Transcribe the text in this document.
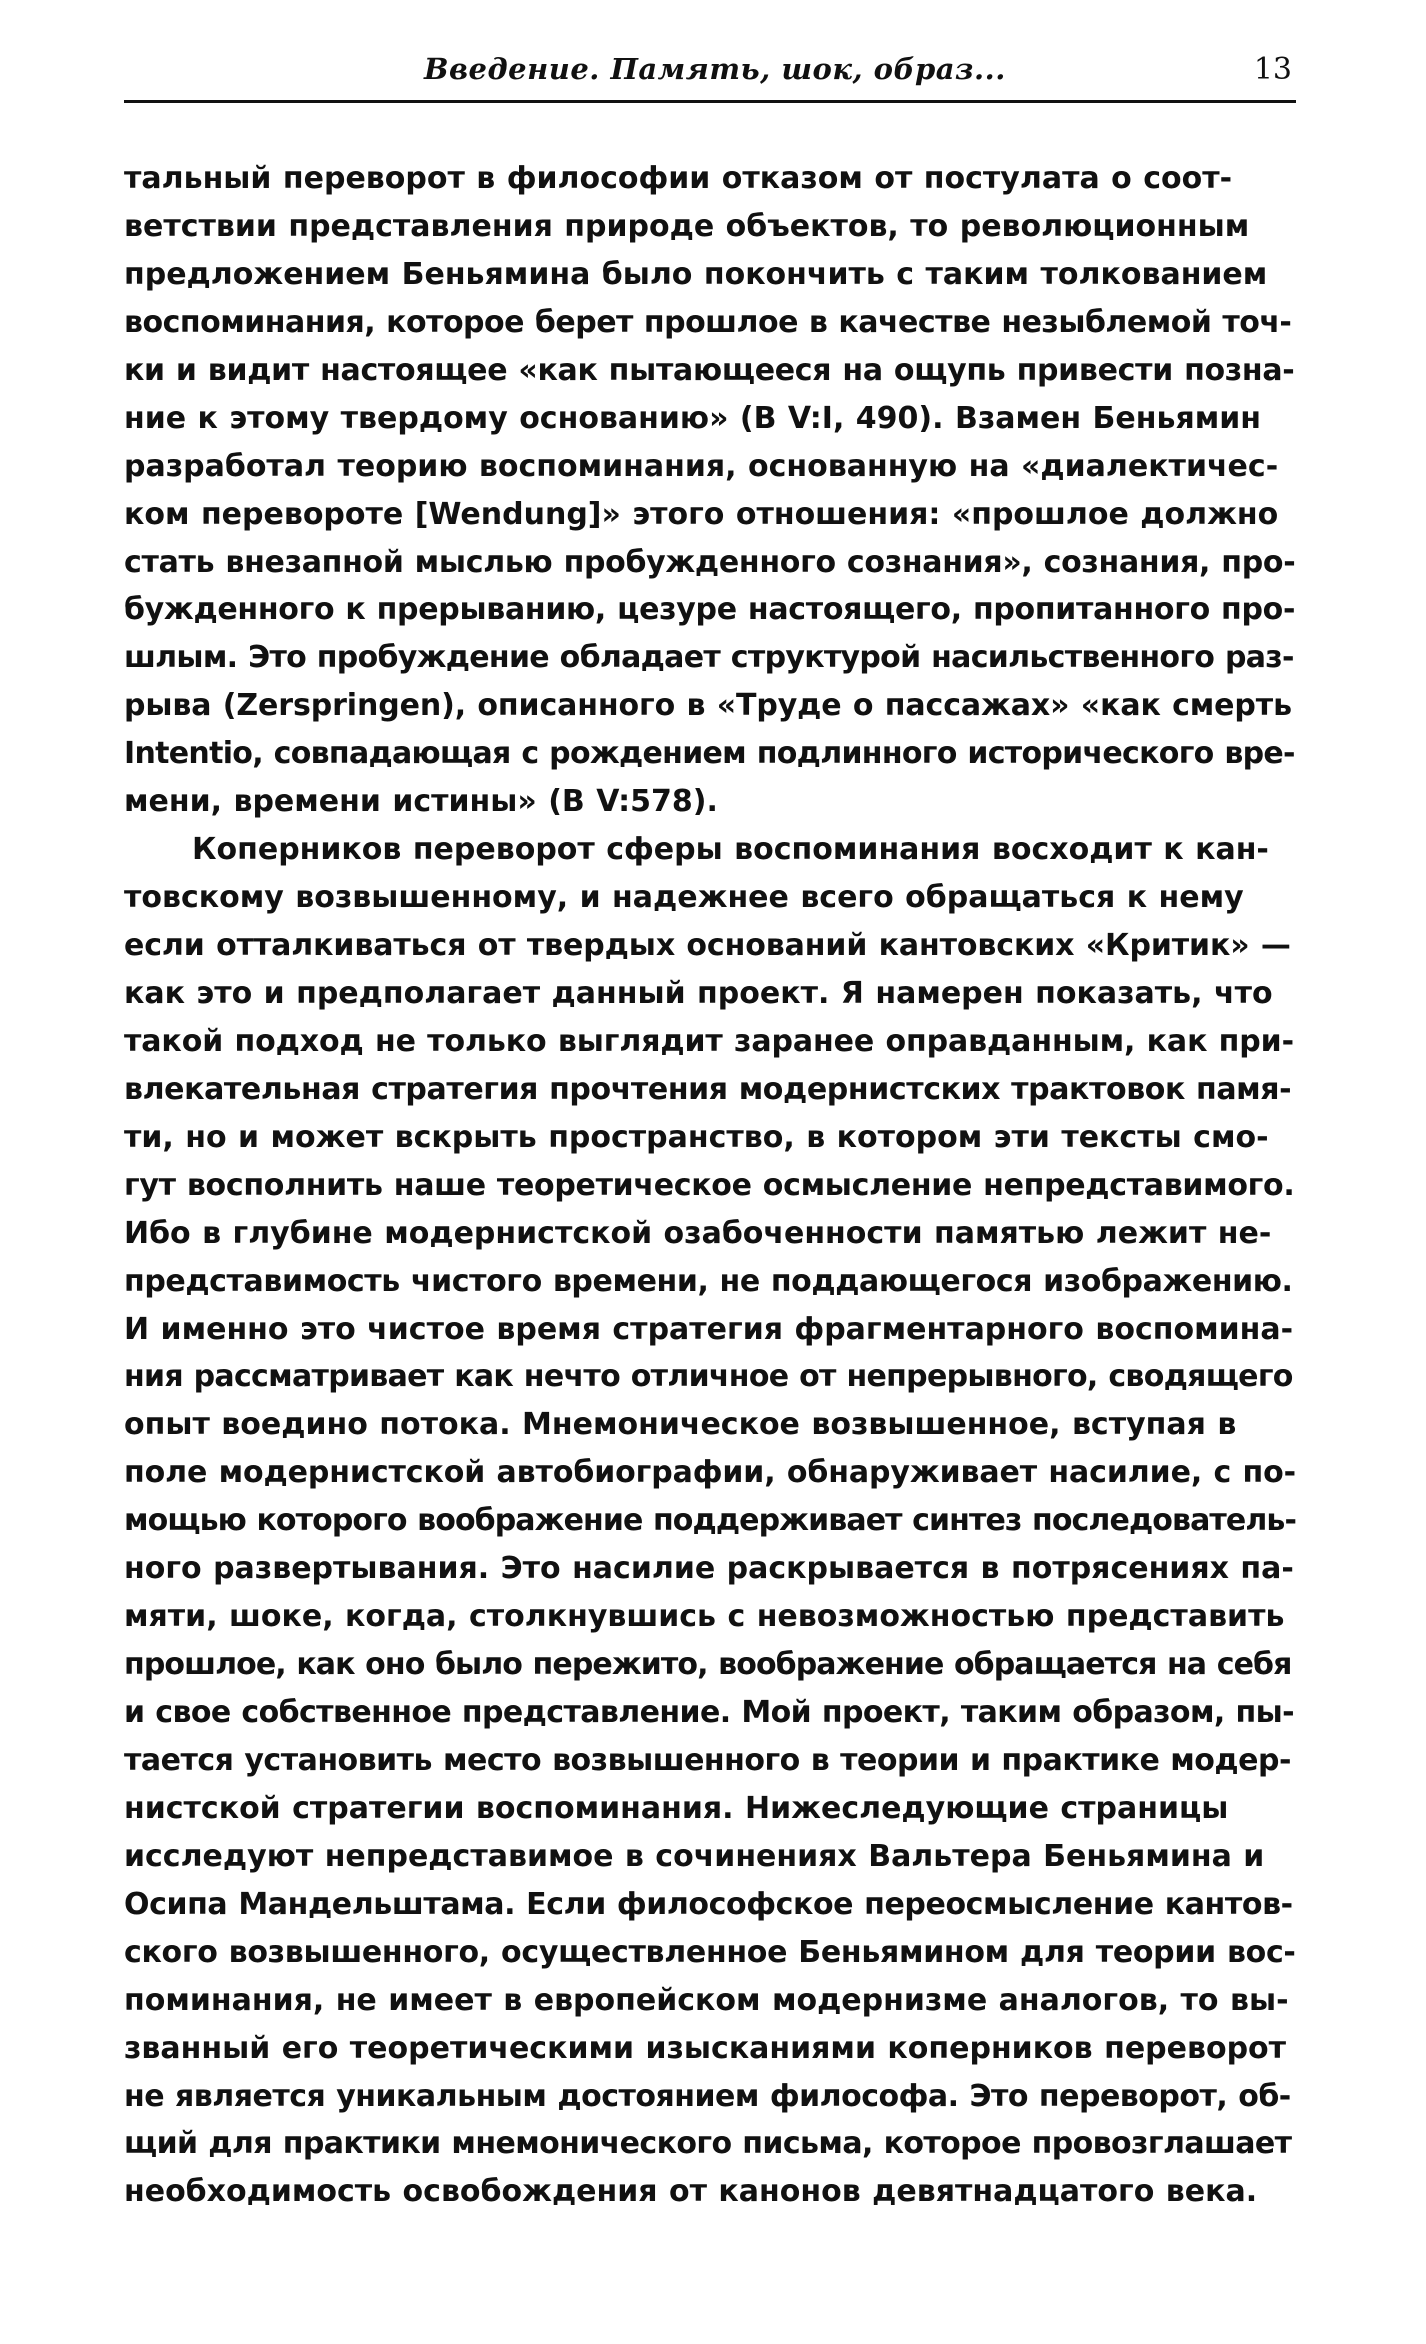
Введение. Память, шок, образ...	13
тальный переворот в философии отказом от постулата о соот-
ветствии представления природе объектов, то революционным
предложением Беньямина было покончить с таким толкованием
воспоминания, которое берет прошлое в качестве незыблемой точ-
ки и видит настоящее «как пытающееся на ощупь привести позна-
ние к этому твердому основанию» (B V:I, 490). Взамен Беньямин
разработал теорию воспоминания, основанную на «диалектичес-
ком перевороте [Wendung]» этого отношения: «прошлое должно
стать внезапной мыслью пробужденного сознания», сознания, про-
бужденного к прерыванию, цезуре настоящего, пропитанного про-
шлым. Это пробуждение обладает структурой насильственного раз-
рыва (Zerspringen), описанного в «Труде о пассажах» «как смерть
Intentio, совпадающая с рождением подлинного исторического вре-
мени, времени истины» (B V:578).
Коперников переворот сферы воспоминания восходит к кан-
товскому возвышенному, и надежнее всего обращаться к нему
если отталкиваться от твердых оснований кантовских «Критик» —
как это и предполагает данный проект. Я намерен показать, что
такой подход не только выглядит заранее оправданным, как при-
влекательная стратегия прочтения модернистских трактовок памя-
ти, но и может вскрыть пространство, в котором эти тексты смо-
гут восполнить наше теоретическое осмысление непредставимого.
Ибо в глубине модернистской озабоченности памятью лежит не-
представимость чистого времени, не поддающегося изображению.
И именно это чистое время стратегия фрагментарного воспомина-
ния рассматривает как нечто отличное от непрерывного, сводящего
опыт воедино потока. Мнемоническое возвышенное, вступая в
поле модернистской автобиографии, обнаруживает насилие, с по-
мощью которого воображение поддерживает синтез последователь-
ного развертывания. Это насилие раскрывается в потрясениях па-
мяти, шоке, когда, столкнувшись с невозможностью представить
прошлое, как оно было пережито, воображение обращается на себя
и свое собственное представление. Мой проект, таким образом, пы-
тается установить место возвышенного в теории и практике модер-
нистской стратегии воспоминания. Нижеследующие страницы
исследуют непредставимое в сочинениях Вальтера Беньямина и
Осипа Мандельштама. Если философское переосмысление кантов-
ского возвышенного, осуществленное Беньямином для теории вос-
поминания, не имеет в европейском модернизме аналогов, то вы-
званный его теоретическими изысканиями коперников переворот
не является уникальным достоянием философа. Это переворот, об-
щий для практики мнемонического письма, которое провозглашает
необходимость освобождения от канонов девятнадцатого века.
